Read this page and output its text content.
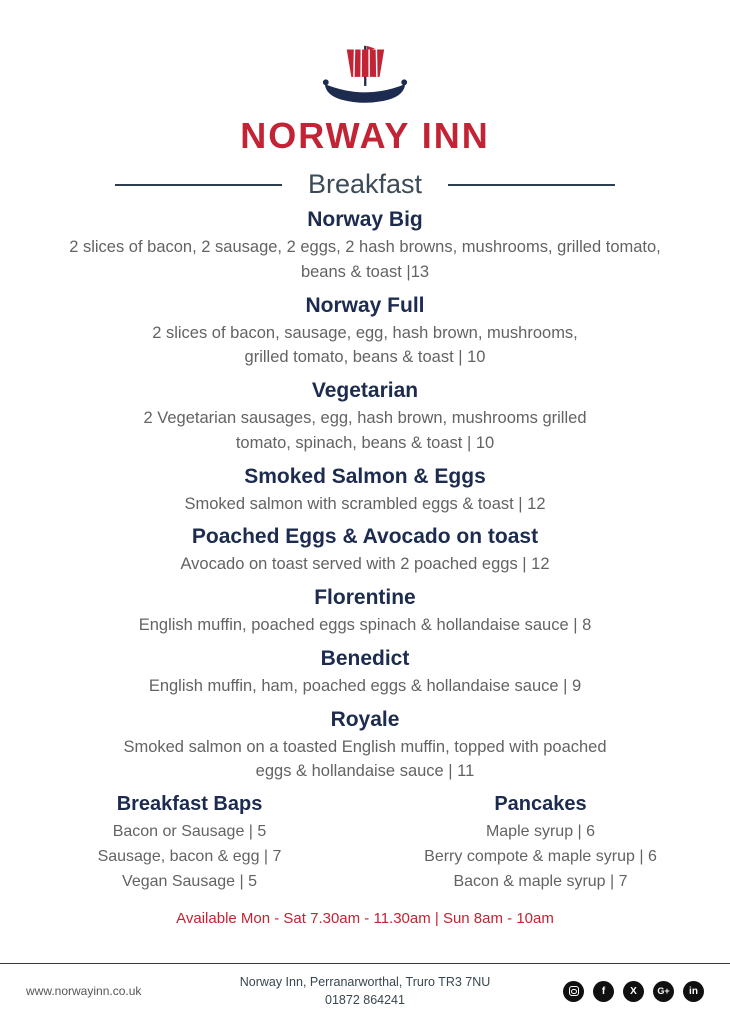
NORWAY INN
Breakfast
Norway Big

2 slices of bacon, 2 sausage, 2 eggs, 2 hash browns, mushrooms, grilled tomato, beans & toast |13

Norway Full

2 slices of bacon, sausage, egg, hash brown, mushrooms, grilled tomato, beans & toast | 10

Vegetarian

2 Vegetarian sausages, egg, hash brown, mushrooms grilled tomato, spinach, beans & toast | 10

Smoked Salmon & Eggs

Smoked salmon with scrambled eggs & toast | 12

Poached Eggs & Avocado on toast

Avocado on toast served with 2 poached eggs | 12

Florentine

English muffin, poached eggs spinach & hollandaise sauce | 8

Benedict

English muffin, ham, poached eggs & hollandaise sauce | 9

Royale

Smoked salmon on a toasted English muffin, topped with poached eggs & hollandaise sauce | 11

Breakfast Baps

Bacon or Sausage | 5

Sausage, bacon & egg | 7

Vegan Sausage | 5

Pancakes

Maple syrup | 6

Berry compote & maple syrup | 6

Bacon & maple syrup | 7

Available Mon - Sat 7.30am - 11.30am | Sun 8am - 10am
www.norwayinn.co.uk
Norway Inn, Perranarworthal, Truro TR3 7NU
01872 864241
f X G+ in
